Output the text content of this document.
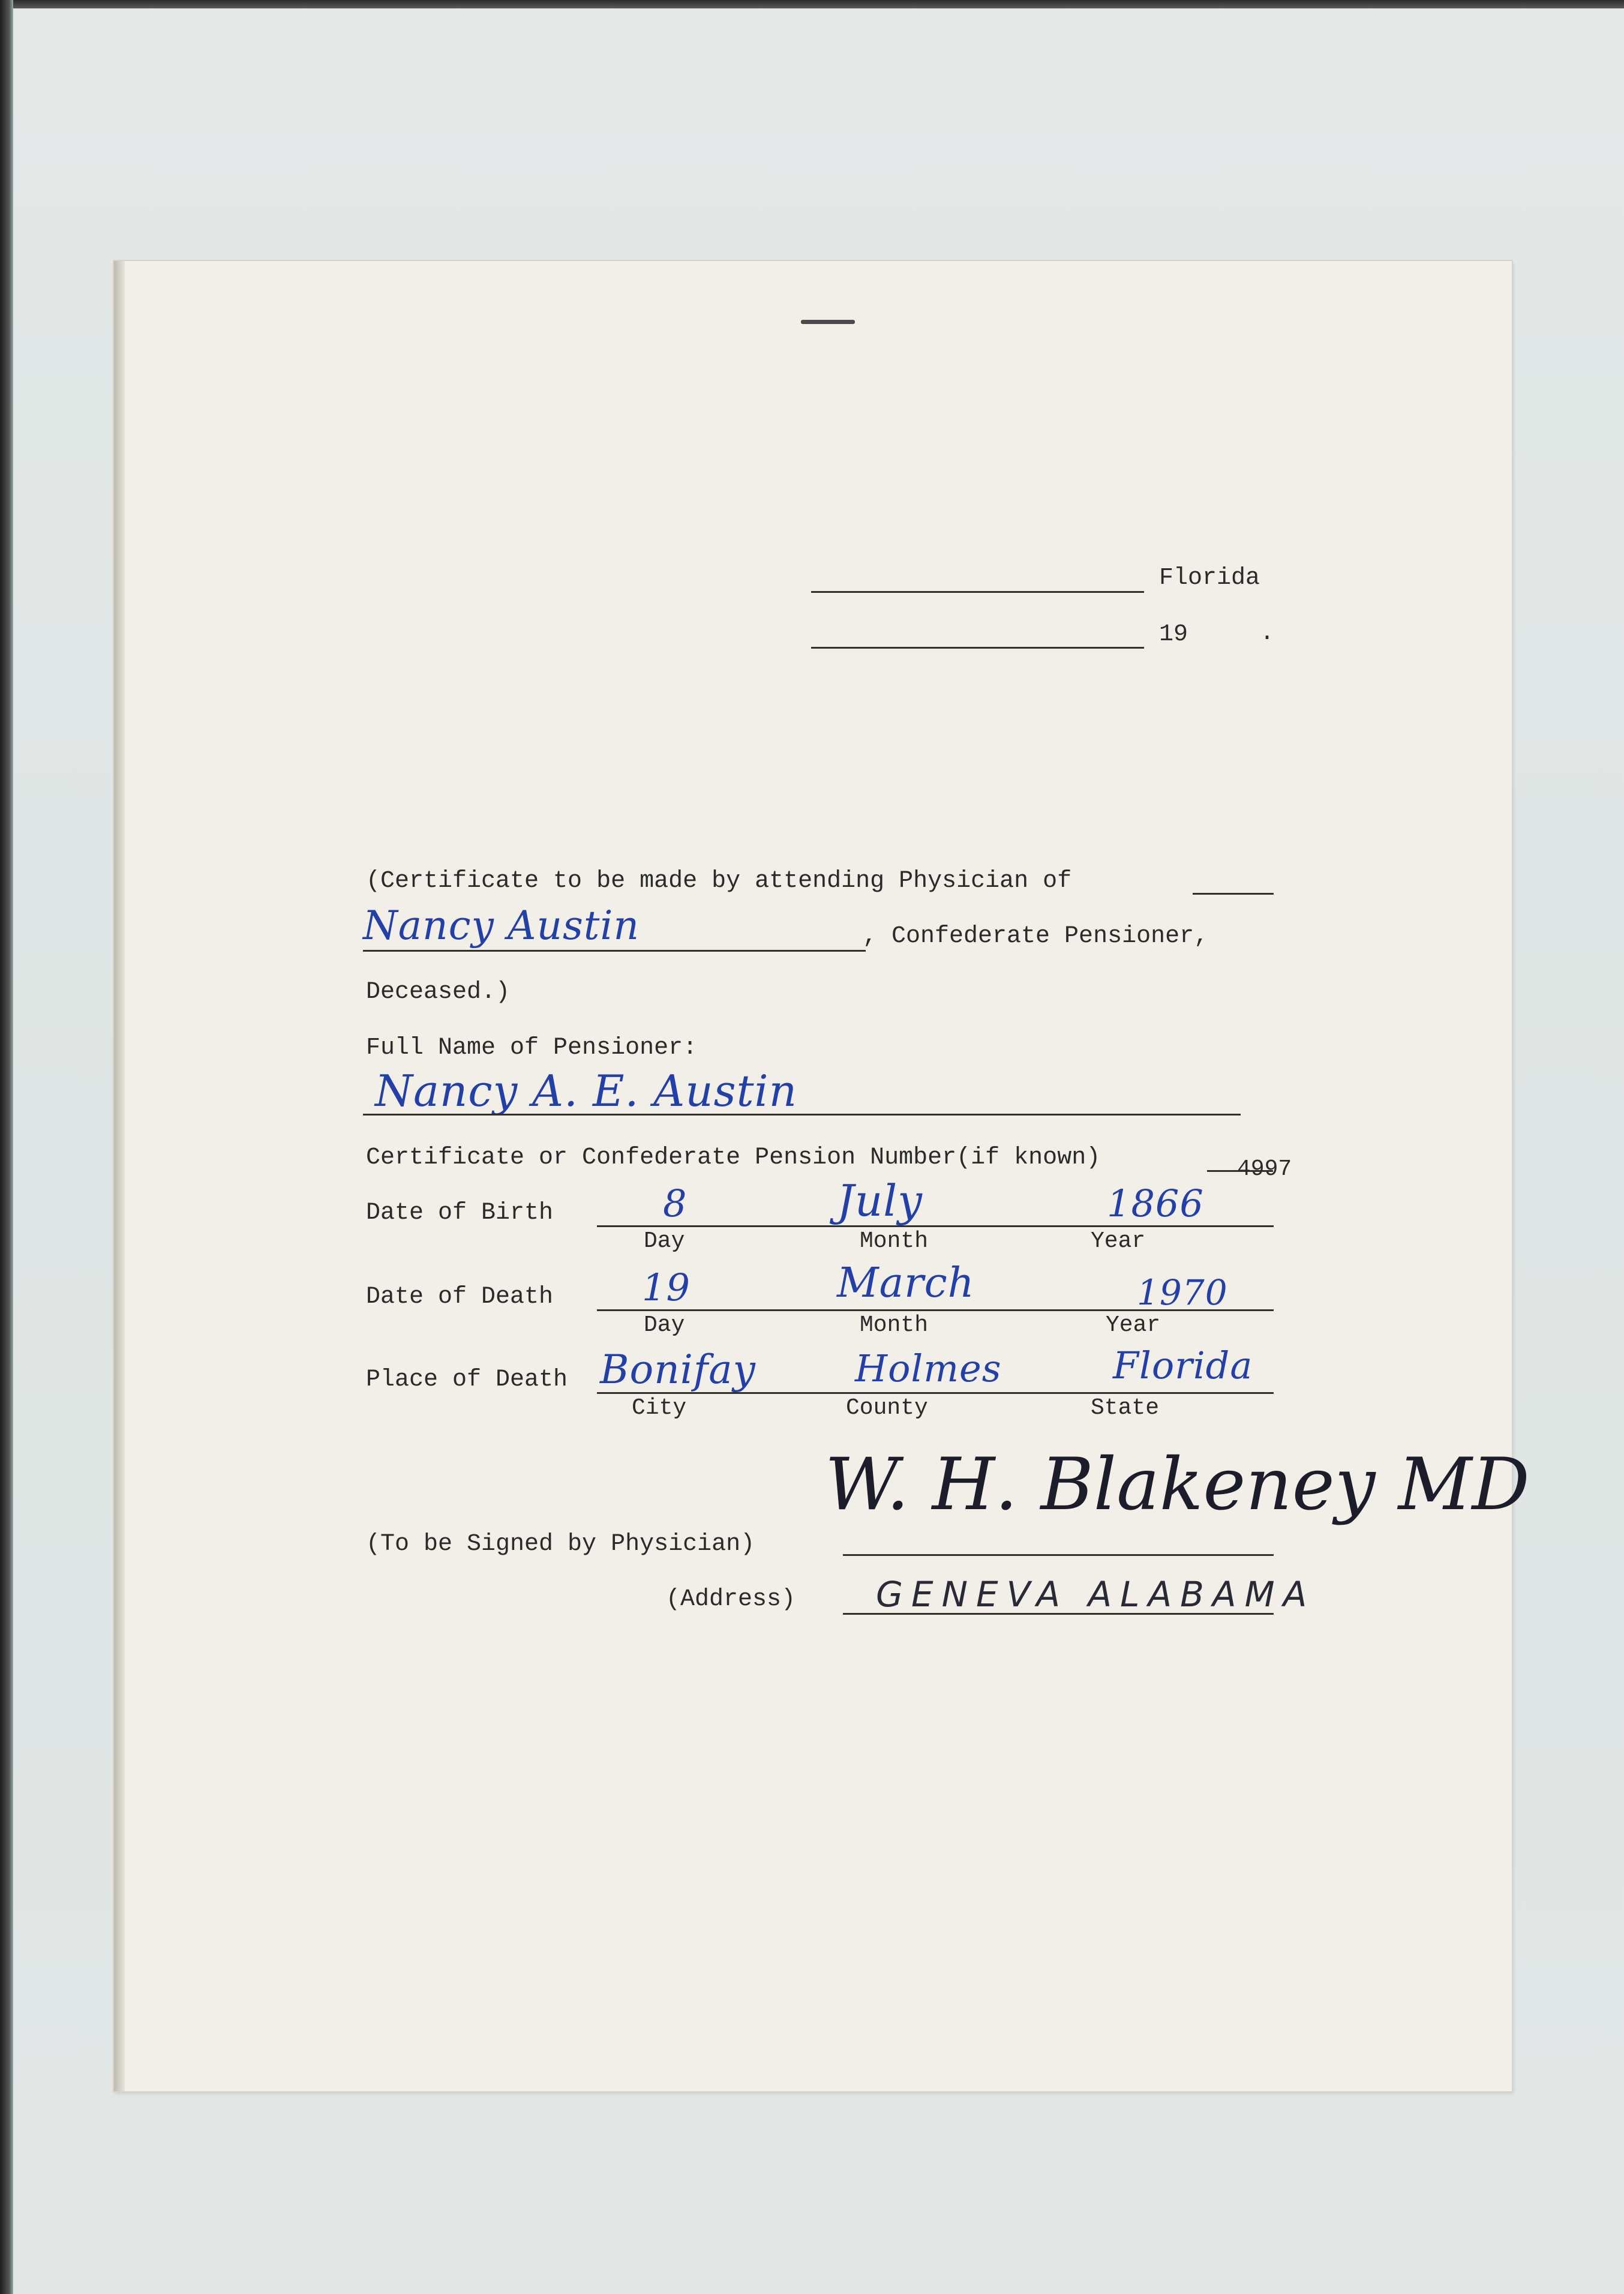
Florida
19	.
(Certificate to be made by attending Physician of
Nancy Austin	, Confederate Pensioner,
Deceased.)
Full Name of Pensioner:
Nancy A. E. Austin
Certificate or Confederate Pension Number(if known)	4997
Date of Birth	8	July	1866
Day	Month	Year
Date of Death 19	March	1970
Day	Month	Year
Place of Death Bonifay	Holmes	Florida
City	County	State
W. H. Blakeney MD
(To be Signed by Physician)
(Address) GENEVA ALABAMA
